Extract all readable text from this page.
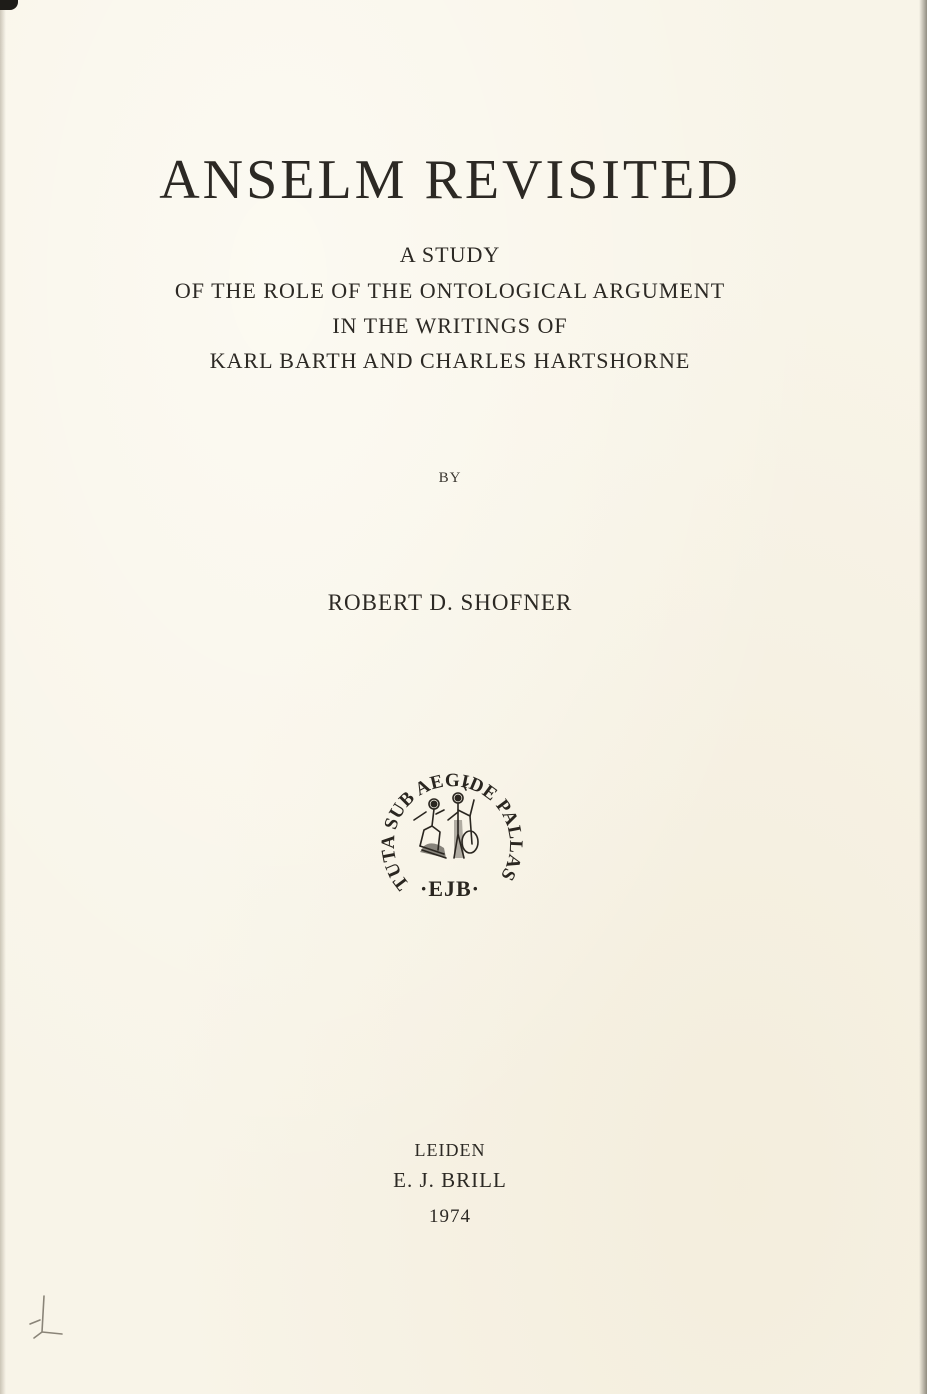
ANSELM REVISITED

A STUDY

OF THE ROLE OF THE ONTOLOGICAL ARGUMENT

IN THE WRITINGS OF

KARL BARTH AND CHARLES HARTSHORNE

BY
ROBERT D. SHOFNER
TUTA SUB AEGIDE PALLAS
·EJB·
LEIDEN
E. J. BRILL
1974
